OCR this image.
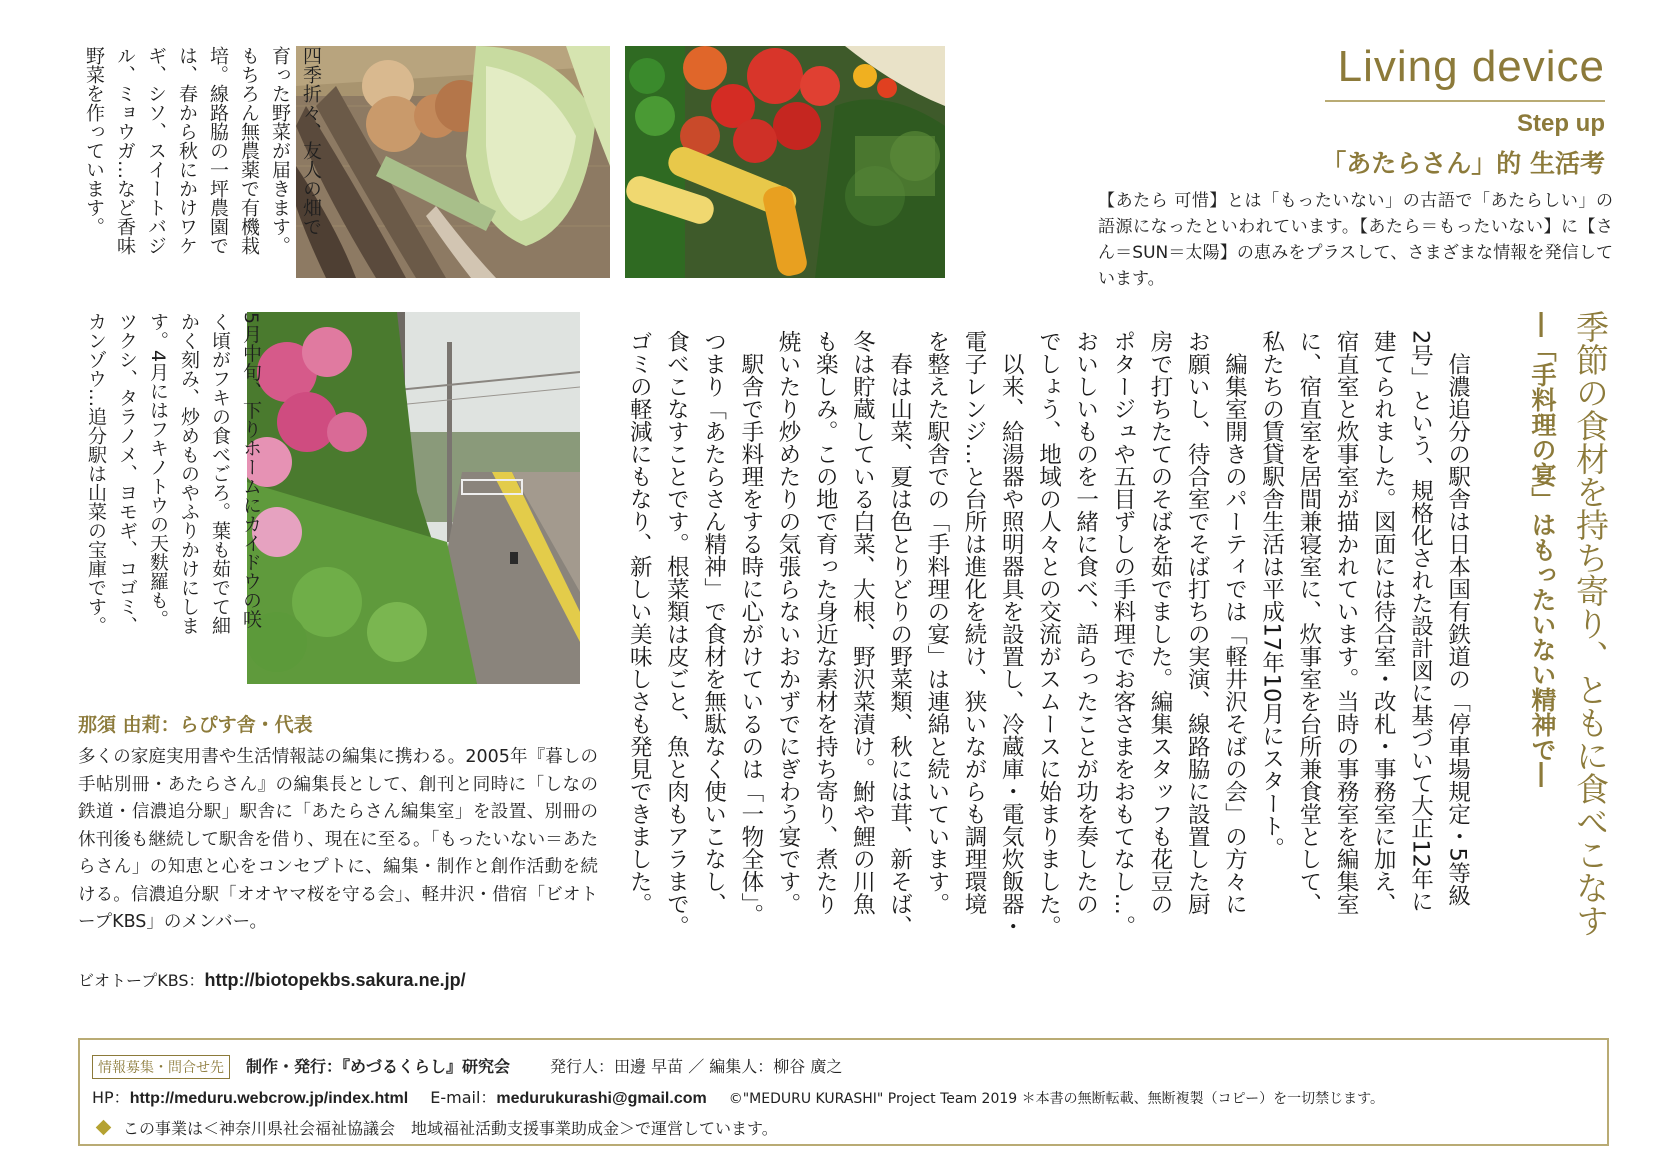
Living device
Step up
「あたらさん」的 生活考
【あたら 可惜】とは「もったいない」の古語で「あたらしい」の語源になったといわれています。【あたら＝もったいない】に【さん＝SUN＝太陽】の恵みをプラスして、さまざまな情報を発信しています。
四季折々、友人の畑で
育った野菜が届きます。
もちろん無農薬で有機栽
培。線路脇の一坪農園で
は、春から秋にかけワケ
ギ、シソ、スイートバジ
ル、ミョウガ…など香味
野菜を作っています。
5月中旬、下りホームにカイドウの咲
く頃がフキの食べごろ。葉も茹でて細
かく刻み、炒めものやふりかけにしま
す。4月にはフキノトウの天麩羅も。
ツクシ、タラノメ、ヨモギ、コゴミ、
カンゾウ…追分駅は山菜の宝庫です。	季節の食材を持ち寄り、ともに食べこなす
―「手料理の宴」はもったいない精神で―
　信濃追分の駅舎は日本国有鉄道の「停車場規定・5等級
2号」という、規格化された設計図に基づいて大正12年に
建てられました。図面には待合室・改札・事務室に加え、
宿直室と炊事室が描かれています。当時の事務室を編集室
に、宿直室を居間兼寝室に、炊事室を台所兼食堂として、
私たちの賃貸駅舎生活は平成17年10月にスタート。
　編集室開きのパーティでは「軽井沢そばの会」の方々に
お願いし、待合室でそば打ちの実演、線路脇に設置した厨
房で打ちたてのそばを茹でました。編集スタッフも花豆の
ポタージュや五目ずしの手料理でお客さまをおもてなし…。
おいしいものを一緒に食べ、語らったことが功を奏したの
でしょう、地域の人々との交流がスムースに始まりました。
　以来、給湯器や照明器具を設置し、冷蔵庫・電気炊飯器・
電子レンジ…と台所は進化を続け、狭いながらも調理環境
を整えた駅舎での「手料理の宴」は連綿と続いています。
　春は山菜、夏は色とりどりの野菜類、秋には茸、新そば、
冬は貯蔵している白菜、大根、野沢菜漬け。鮒や鯉の川魚
も楽しみ。この地で育った身近な素材を持ち寄り、煮たり
焼いたり炒めたりの気張らないおかずでにぎわう宴です。
　駅舎で手料理をする時に心がけているのは「一物全体」。
つまり「あたらさん精神」で食材を無駄なく使いこなし、
食べこなすことです。根菜類は皮ごと、魚と肉もアラまで。
ゴミの軽減にもなり、新しい美味しさも発見できました。
那須 由莉：らぴす舎・代表
多くの家庭実用書や生活情報誌の編集に携わる。2005年『暮しの手帖別冊・あたらさん』の編集長として、創刊と同時に「しなの鉄道・信濃追分駅」駅舎に「あたらさん編集室」を設置、別冊の休刊後も継続して駅舎を借り、現在に至る。「もったいない＝あたらさん」の知恵と心をコンセプトに、編集・制作と創作活動を続ける。信濃追分駅「オオヤマ桜を守る会」、軽井沢・借宿「ビオトープKBS」のメンバー。
ビオトープKBS：http://biotopekbs.sakura.ne.jp/
情報募集・問合せ先 制作・発行：『めづるくらし』研究会	発行人：田邊 早苗 ／ 編集人：柳谷 廣之
HP：http://meduru.webcrow.jp/index.html E-mail：medurukurashi@gmail.com ©"MEDURU KURASHI" Project Team 2019 ＊本書の無断転載、無断複製（コピー）を一切禁じます。
この事業は＜神奈川県社会福祉協議会　地域福祉活動支援事業助成金＞で運営しています。
